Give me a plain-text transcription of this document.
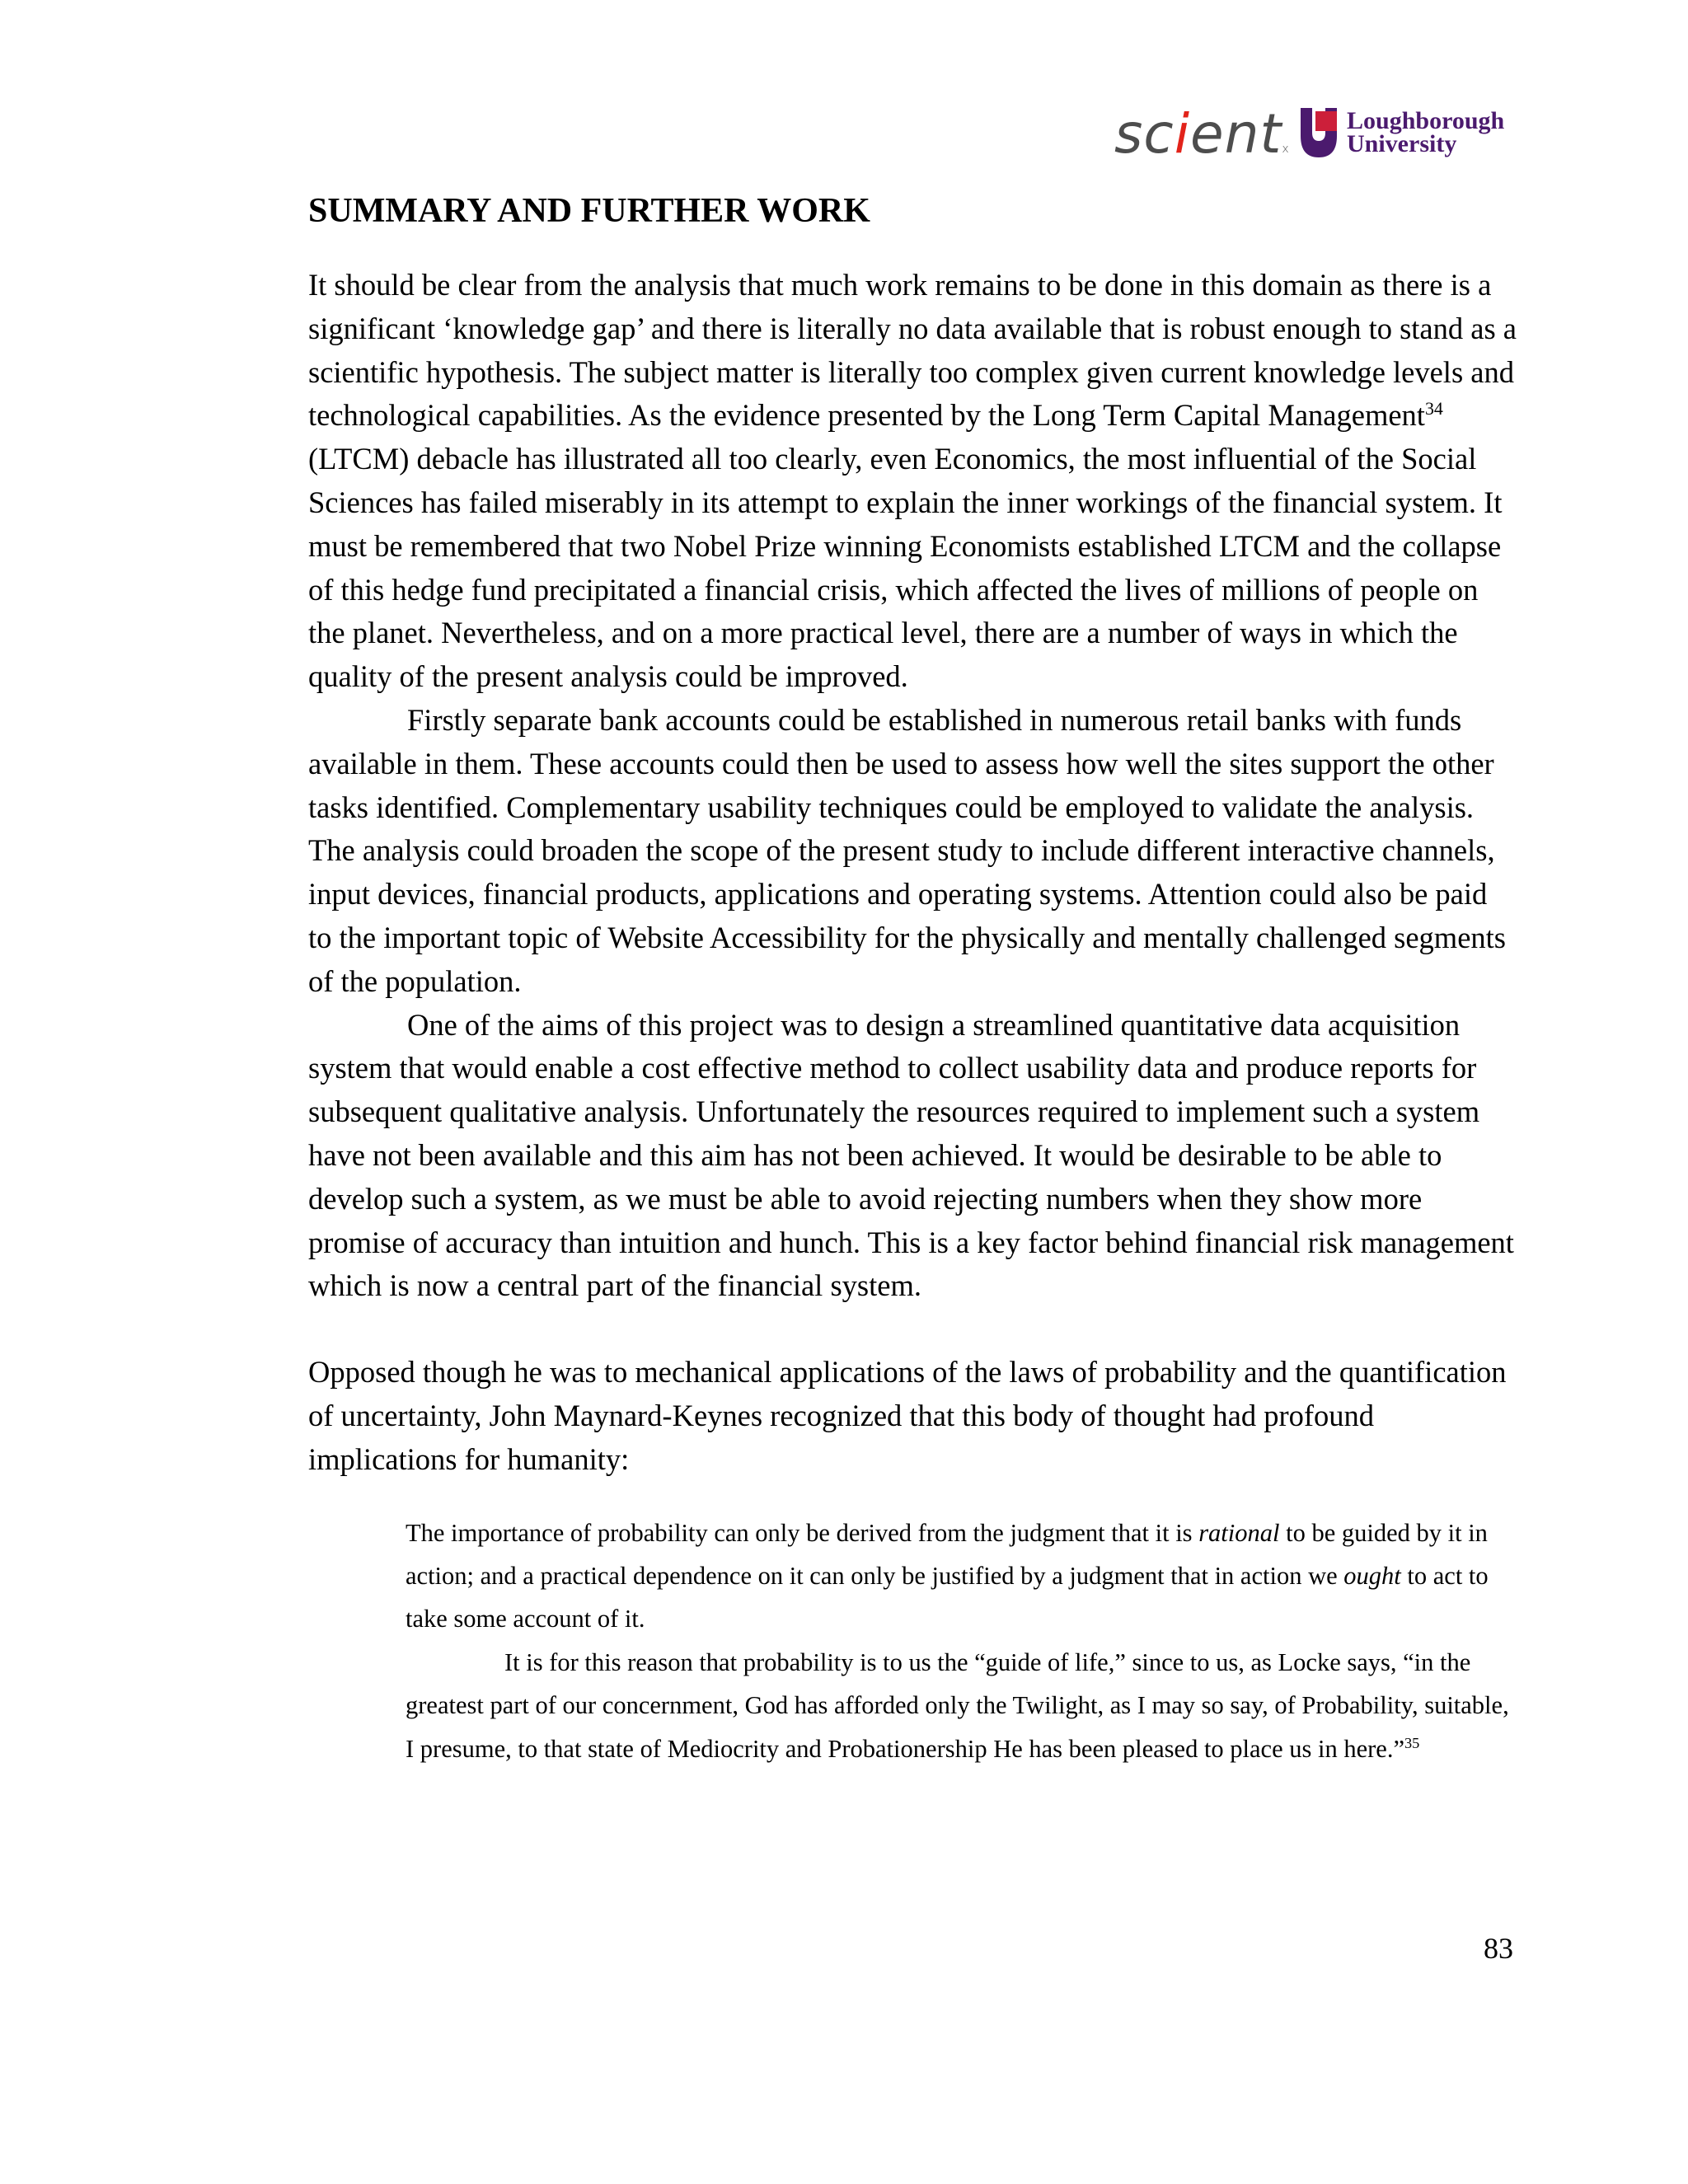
scientx
Loughborough
University
SUMMARY AND FURTHER WORK

It should be clear from the analysis that much work remains to be done in this domain as there is a significant ‘knowledge gap’ and there is literally no data available that is robust enough to stand as a scientific hypothesis. The subject matter is literally too complex given current knowledge levels and technological capabilities. As the evidence presented by the Long Term Capital Management$^{34}$ (LTCM) debacle has illustrated all too clearly, even Economics, the most influential of the Social Sciences has failed miserably in its attempt to explain the inner workings of the financial system. It must be remembered that two Nobel Prize winning Economists established LTCM and the collapse of this hedge fund precipitated a financial crisis, which affected the lives of millions of people on the planet. Nevertheless, and on a more practical level, there are a number of ways in which the quality of the present analysis could be improved.

Firstly separate bank accounts could be established in numerous retail banks with funds available in them. These accounts could then be used to assess how well the sites support the other tasks identified. Complementary usability techniques could be employed to validate the analysis. The analysis could broaden the scope of the present study to include different interactive channels, input devices, financial products, applications and operating systems. Attention could also be paid to the important topic of Website Accessibility for the physically and mentally challenged segments of the population.

One of the aims of this project was to design a streamlined quantitative data acquisition system that would enable a cost effective method to collect usability data and produce reports for subsequent qualitative analysis. Unfortunately the resources required to implement such a system have not been available and this aim has not been achieved. It would be desirable to be able to develop such a system, as we must be able to avoid rejecting numbers when they show more promise of accuracy than intuition and hunch. This is a key factor behind financial risk management which is now a central part of the financial system.

Opposed though he was to mechanical applications of the laws of probability and the quantification of uncertainty, John Maynard-Keynes recognized that this body of thought had profound implications for humanity:

The importance of probability can only be derived from the judgment that it is rational to be guided by it in action; and a practical dependence on it can only be justified by a judgment that in action we ought to act to take some account of it.

It is for this reason that probability is to us the “guide of life,” since to us, as Locke says, “in the greatest part of our concernment, God has afforded only the Twilight, as I may so say, of Probability, suitable, I presume, to that state of Mediocrity and Probationership He has been pleased to place us in here.”$^{35}$

83
